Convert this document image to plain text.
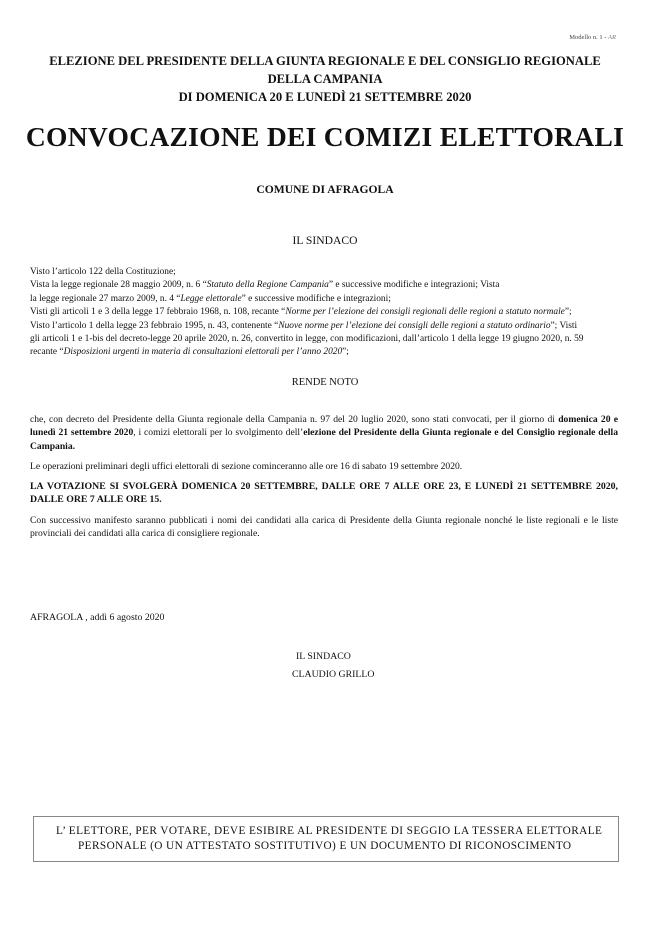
Modello n. 1 - AR
ELEZIONE DEL PRESIDENTE DELLA GIUNTA REGIONALE E DEL CONSIGLIO REGIONALE
DELLA CAMPANIA
DI DOMENICA 20 E LUNEDÌ 21 SETTEMBRE 2020
CONVOCAZIONE DEI COMIZI ELETTORALI
COMUNE DI AFRAGOLA
IL SINDACO
Visto l’articolo 122 della Costituzione;
Vista la legge regionale 28 maggio 2009, n. 6 “Statuto della Regione Campania” e successive modifiche e integrazioni; Vista
la legge regionale 27 marzo 2009, n. 4 “Legge elettorale” e successive modifiche e integrazioni;
Visti gli articoli 1 e 3 della legge 17 febbraio 1968, n. 108, recante “Norme per l’elezione dei consigli regionali delle regioni a statuto normale”;
Visto l’articolo 1 della legge 23 febbraio 1995, n. 43, contenente “Nuove norme per l’elezione dei consigli delle regioni a statuto ordinario”; Visti
gli articoli 1 e 1-bis del decreto-legge 20 aprile 2020, n. 26, convertito in legge, con modificazioni, dall’articolo 1 della legge 19 giugno 2020, n. 59
recante “Disposizioni urgenti in materia di consultazioni elettorali per l’anno 2020”;
RENDE NOTO

che, con decreto del Presidente della Giunta regionale della Campania n. 97 del 20 luglio 2020, sono stati convocati, per il giorno di domenica 20 e lunedì 21 settembre 2020, i comizi elettorali per lo svolgimento dell’elezione del Presidente della Giunta regionale e del Consiglio regionale della Campania.

Le operazioni preliminari degli uffici elettorali di sezione cominceranno alle ore 16 di sabato 19 settembre 2020.

LA VOTAZIONE SI SVOLGERÀ DOMENICA 20 SETTEMBRE, DALLE ORE 7 ALLE ORE 23, E LUNEDÌ 21 SETTEMBRE 2020, DALLE ORE 7 ALLE ORE 15.

Con successivo manifesto saranno pubblicati i nomi dei candidati alla carica di Presidente della Giunta regionale nonché le liste regionali e le liste provinciali dei candidati alla carica di consigliere regionale.

AFRAGOLA , addì 6 agosto 2020
IL SINDACO
CLAUDIO GRILLO
L’ ELETTORE, PER VOTARE, DEVE ESIBIRE AL PRESIDENTE DI SEGGIO LA TESSERA ELETTORALE
PERSONALE (O UN ATTESTATO SOSTITUTIVO) E UN DOCUMENTO DI RICONOSCIMENTO
